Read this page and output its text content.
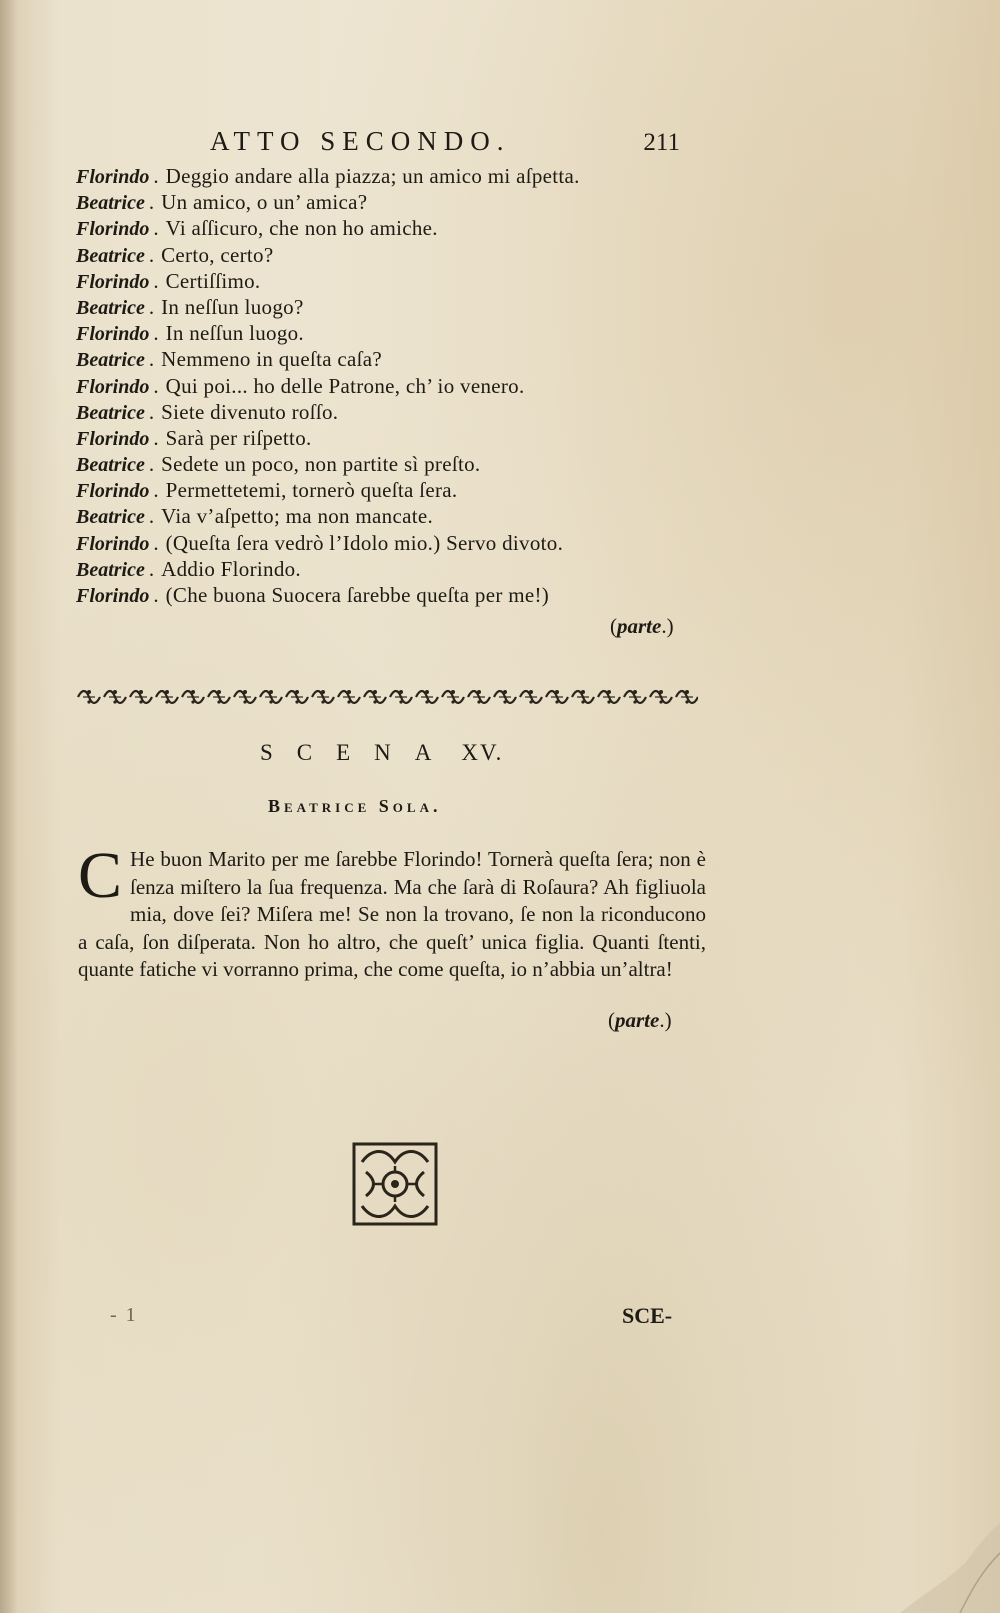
ATTO SECONDO.	211
Florindo . Deggio andare alla piazza; un amico mi aſpetta.
Beatrice . Un amico, o un’ amica?
Florindo . Vi aſſicuro, che non ho amiche.
Beatrice . Certo, certo?
Florindo . Certiſſimo.
Beatrice . In neſſun luogo?
Florindo . In neſſun luogo.
Beatrice . Nemmeno in queſta caſa?
Florindo . Qui poi... ho delle Patrone, ch’ io venero.
Beatrice . Siete divenuto roſſo.
Florindo . Sarà per riſpetto.
Beatrice . Sedete un poco, non partite sì preſto.
Florindo . Permettetemi, tornerò queſta ſera.
Beatrice . Via v’aſpetto; ma non mancate.
Florindo . (Queſta ſera vedrò l’Idolo mio.) Servo divoto.
Beatrice . Addio Florindo.
Florindo . (Che buona Suocera ſarebbe queſta per me!)
(parte.)
SCENA XV.
Beatrice Sola.
C He buon Marito per me ſarebbe Florindo! Tornerà queſta ſera; non è ſenza miſtero la ſua frequenza. Ma che ſarà di Roſaura? Ah figliuola mia, dove ſei? Miſera me! Se non la trovano, ſe non la riconducono a caſa, ſon diſperata. Non ho altro, che queſt’ unica figlia. Quanti ſtenti, quante fatiche vi vorranno prima, che come queſta, io n’abbia un’altra!
(parte.)
- 1	SCE-
